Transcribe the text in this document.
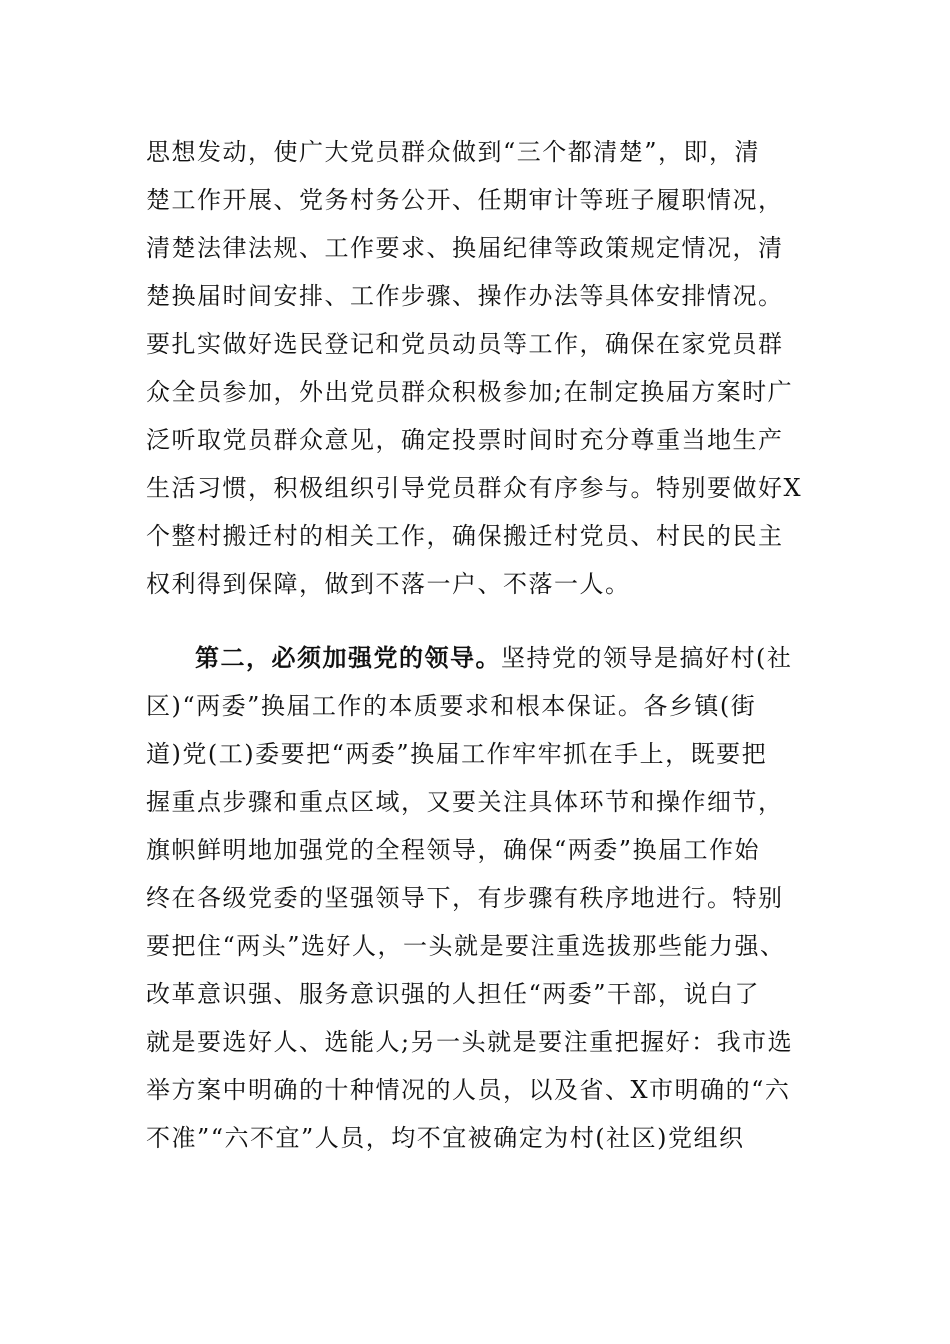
思想发动，使广大党员群众做到“三个都清楚”，即，清

楚工作开展、党务村务公开、任期审计等班子履职情况，

清楚法律法规、工作要求、换届纪律等政策规定情况，清

楚换届时间安排、工作步骤、操作办法等具体安排情况。

要扎实做好选民登记和党员动员等工作，确保在家党员群

众全员参加，外出党员群众积极参加;在制定换届方案时广

泛听取党员群众意见，确定投票时间时充分尊重当地生产

生活习惯，积极组织引导党员群众有序参与。特别要做好X

个整村搬迁村的相关工作，确保搬迁村党员、村民的民主

权利得到保障，做到不落一户、不落一人。

第二，必须加强党的领导。坚持党的领导是搞好村(社

区)“两委”换届工作的本质要求和根本保证。各乡镇(街

道)党(工)委要把“两委”换届工作牢牢抓在手上，既要把

握重点步骤和重点区域，又要关注具体环节和操作细节，

旗帜鲜明地加强党的全程领导，确保“两委”换届工作始

终在各级党委的坚强领导下，有步骤有秩序地进行。特别

要把住“两头”选好人，一头就是要注重选拔那些能力强、

改革意识强、服务意识强的人担任“两委”干部，说白了

就是要选好人、选能人;另一头就是要注重把握好：我市选

举方案中明确的十种情况的人员，以及省、X市明确的“六

不准”“六不宜”人员，均不宜被确定为村(社区)党组织
